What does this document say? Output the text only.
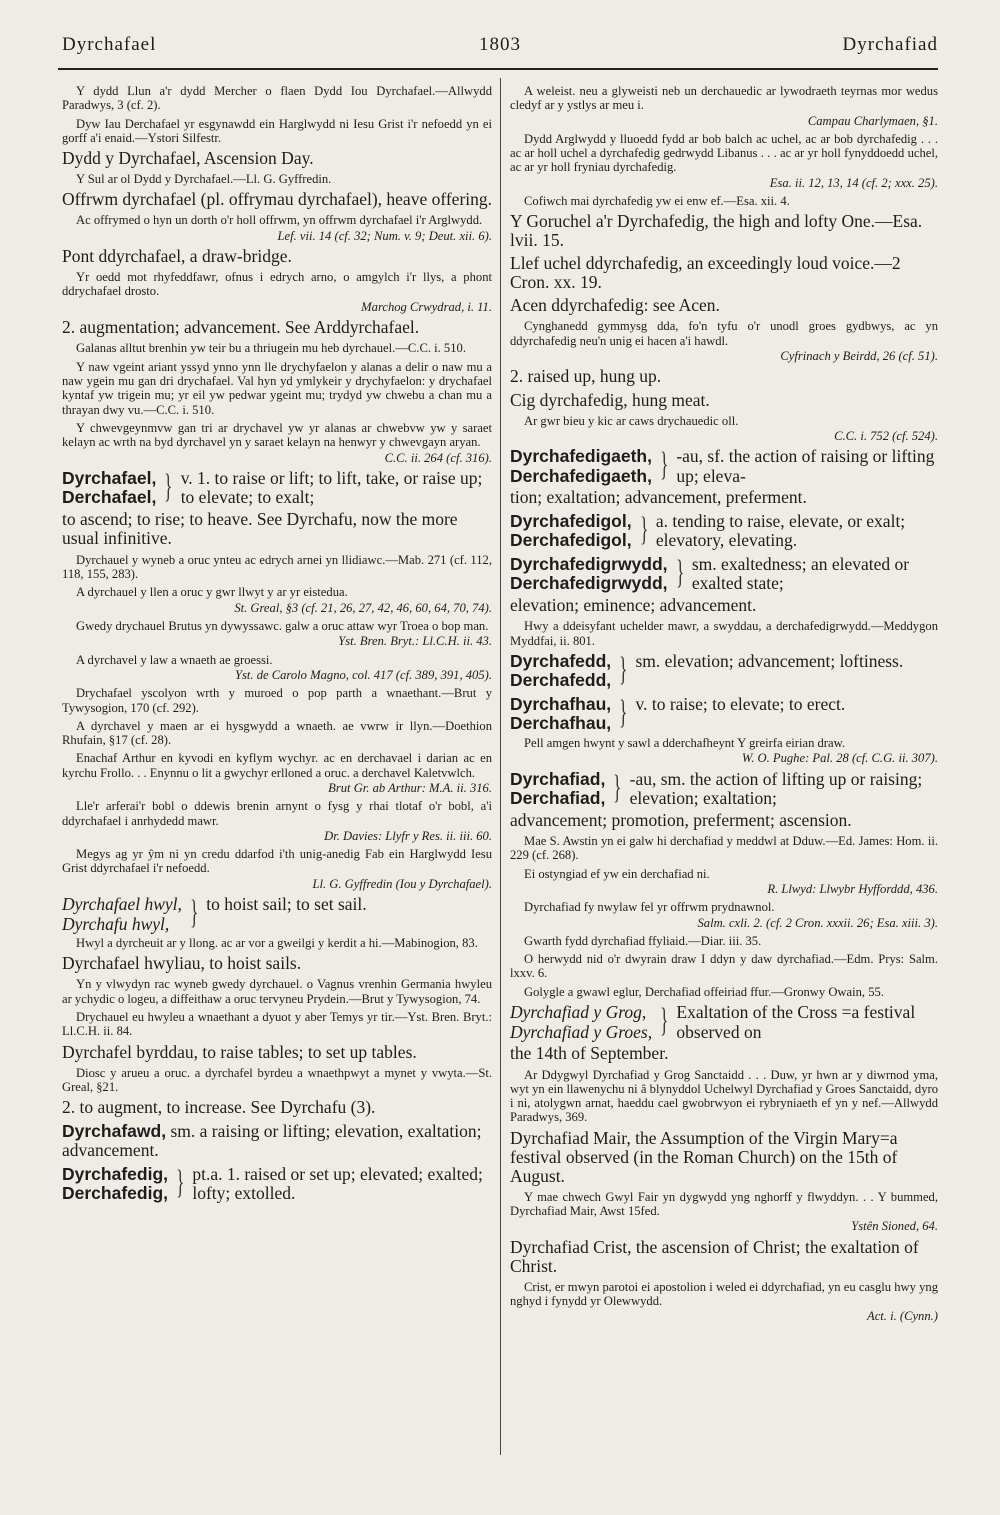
Dyrchafael	1803	Dyrchafiad

Y dydd Llun a'r dydd Mercher o flaen Dydd Iou Dyrchafael.—Allwydd Paradwys, 3 (cf. 2).

Dyw Iau Derchafael yr esgynawdd ein Harglwydd ni Iesu Grist i'r nefoedd yn ei gorff a'i enaid.—Ystori Silfestr.

Dydd y Dyrchafael, Ascension Day.

Y Sul ar ol Dydd y Dyrchafael.—Ll. G. Gyffredin.

Offrwm dyrchafael (pl. offrymau dyrchafael), heave offering.

Ac offrymed o hyn un dorth o'r holl offrwm, yn offrwm dyrchafael i'r Arglwydd.

Lef. vii. 14 (cf. 32; Num. v. 9; Deut. xii. 6).

Pont ddyrchafael, a draw-bridge.

Yr oedd mot rhyfeddfawr, ofnus i edrych arno, o amgylch i'r llys, a phont ddrychafael drosto.

Marchog Crwydrad, i. 11.

2. augmentation; advancement. See Arddyrchafael.

Galanas alltut brenhin yw teir bu a thriugein mu heb dyrchauel.—C.C. i. 510.

Y naw vgeint ariant yssyd ynno ynn lle drychyfaelon y alanas a delir o naw mu a naw ygein mu gan dri drychafael. Val hyn yd ymlykeir y drychyfaelon: y drychafael kyntaf yw trigein mu; yr eil yw pedwar ygeint mu; trydyd yw chwebu a chan mu a thrayan dwy vu.—C.C. i. 510.

Y chwevgeynmvw gan tri ar drychavel yw yr alanas ar chwebvw yw y saraet kelayn ac wrth na byd dyrchavel yn y saraet kelayn na henwyr y chwevgayn aryan.

C.C. ii. 264 (cf. 316).

Dyrchafael,
Derchafael, } v. 1. to raise or lift; to lift, take, or raise up; to elevate; to exalt;

to ascend; to rise; to heave. See Dyrchafu, now the more usual infinitive.

Dyrchauel y wyneb a oruc ynteu ac edrych arnei yn llidiawc.—Mab. 271 (cf. 112, 118, 155, 283).

A dyrchauel y llen a oruc y gwr llwyt y ar yr eistedua.

St. Greal, §3 (cf. 21, 26, 27, 42, 46, 60, 64, 70, 74).

Gwedy drychauel Brutus yn dywyssawc. galw a oruc attaw wyr Troea o bop man.

Yst. Bren. Bryt.: Ll.C.H. ii. 43.

A dyrchavel y law a wnaeth ae groessi.

Yst. de Carolo Magno, col. 417 (cf. 389, 391, 405).

Drychafael yscolyon wrth y muroed o pop parth a wnaethant.—Brut y Tywysogion, 170 (cf. 292).

A dyrchavel y maen ar ei hysgwydd a wnaeth. ae vwrw ir llyn.—Doethion Rhufain, §17 (cf. 28).

Enachaf Arthur en kyvodi en kyflym wychyr. ac en derchavael i darian ac en kyrchu Frollo. . . Enynnu o lit a gwychyr erlloned a oruc. a derchavel Kaletvwlch.

Brut Gr. ab Arthur: M.A. ii. 316.

Lle'r arferai'r bobl o ddewis brenin arnynt o fysg y rhai tlotaf o'r bobl, a'i ddyrchafael i anrhydedd mawr.

Dr. Davies: Llyfr y Res. ii. iii. 60.

Megys ag yr ŷm ni yn credu ddarfod i'th unig-anedig Fab ein Harglwydd Iesu Grist ddyrchafael i'r nefoedd.

Ll. G. Gyffredin (Iou y Dyrchafael).

Dyrchafael hwyl,
Dyrchafu hwyl, } to hoist sail; to set sail.

Hwyl a dyrcheuit ar y llong. ac ar vor a gweilgi y kerdit a hi.—Mabinogion, 83.

Dyrchafael hwyliau, to hoist sails.

Yn y vlwydyn rac wyneb gwedy dyrchauel. o Vagnus vrenhin Germania hwyleu ar ychydic o logeu, a diffeithaw a oruc tervyneu Prydein.—Brut y Tywysogion, 74.

Drychauel eu hwyleu a wnaethant a dyuot y aber Temys yr tir.—Yst. Bren. Bryt.: Ll.C.H. ii. 84.

Dyrchafel byrddau, to raise tables; to set up tables.

Diosc y arueu a oruc. a dyrchafel byrdeu a wnaethpwyt a mynet y vwyta.—St. Greal, §21.

2. to augment, to increase. See Dyrchafu (3).

Dyrchafawd, sm. a raising or lifting; elevation, exaltation; advancement.

Dyrchafedig,
Derchafedig, } pt.a. 1. raised or set up; elevated; exalted; lofty; extolled.

A weleist. neu a glyweisti neb un derchauedic ar lywodraeth teyrnas mor wedus cledyf ar y ystlys ar meu i.

Campau Charlymaen, §1.

Dydd Arglwydd y lluoedd fydd ar bob balch ac uchel, ac ar bob dyrchafedig . . . ac ar holl uchel a dyrchafedig gedrwydd Libanus . . . ac ar yr holl fynyddoedd uchel, ac ar yr holl fryniau dyrchafedig.

Esa. ii. 12, 13, 14 (cf. 2; xxx. 25).

Cofiwch mai dyrchafedig yw ei enw ef.—Esa. xii. 4.

Y Goruchel a'r Dyrchafedig, the high and lofty One.—Esa. lvii. 15.

Llef uchel ddyrchafedig, an exceedingly loud voice.—2 Cron. xx. 19.

Acen ddyrchafedig: see Acen.

Cynghanedd gymmysg dda, fo'n tyfu o'r unodl groes gydbwys, ac yn ddyrchafedig neu'n unig ei hacen a'i hawdl.

Cyfrinach y Beirdd, 26 (cf. 51).

2. raised up, hung up.

Cig dyrchafedig, hung meat.

Ar gwr bieu y kic ar caws drychauedic oll.

C.C. i. 752 (cf. 524).

Dyrchafedigaeth,
Derchafedigaeth, } -au, sf. the action of raising or lifting up; eleva-

tion; exaltation; advancement, preferment.

Dyrchafedigol,
Derchafedigol, } a. tending to raise, elevate, or exalt; elevatory, elevating.
Dyrchafedigrwydd,
Derchafedigrwydd, } sm. exaltedness; an elevated or exalted state;

elevation; eminence; advancement.

Hwy a ddeisyfant uchelder mawr, a swyddau, a derchafedigrwydd.—Meddygon Myddfai, ii. 801.

Dyrchafedd,
Derchafedd, } sm. elevation; advancement; loftiness.
Dyrchafhau,
Derchafhau, } v. to raise; to elevate; to erect.

Pell amgen hwynt y sawl a dderchafheynt Y greirfa eirian draw.

W. O. Pughe: Pal. 28 (cf. C.G. ii. 307).

Dyrchafiad,
Derchafiad, } -au, sm. the action of lifting up or raising; elevation; exaltation;

advancement; promotion, preferment; ascension.

Mae S. Awstin yn ei galw hi derchafiad y meddwl at Dduw.—Ed. James: Hom. ii. 229 (cf. 268).

Ei ostyngiad ef yw ein derchafiad ni.

R. Llwyd: Llwybr Hyfforddd, 436.

Dyrchafiad fy nwylaw fel yr offrwm prydnawnol.

Salm. cxli. 2. (cf. 2 Cron. xxxii. 26; Esa. xiii. 3).

Gwarth fydd dyrchafiad ffyliaid.—Diar. iii. 35.

O herwydd nid o'r dwyrain draw I ddyn y daw dyrchafiad.—Edm. Prys: Salm. lxxv. 6.

Golygle a gwawl eglur, Derchafiad offeiriad ffur.—Gronwy Owain, 55.

Dyrchafiad y Grog,
Dyrchafiad y Groes, } Exaltation of the Cross =a festival observed on

the 14th of September.

Ar Ddygwyl Dyrchafiad y Grog Sanctaidd . . . Duw, yr hwn ar y diwrnod yma, wyt yn ein llawenychu ni â blynyddol Uchelwyl Dyrchafiad y Groes Sanctaidd, dyro i ni, atolygwn arnat, haeddu cael gwobrwyon ei rybryniaeth ef yn y nef.—Allwydd Paradwys, 369.

Dyrchafiad Mair, the Assumption of the Virgin Mary=a festival observed (in the Roman Church) on the 15th of August.

Y mae chwech Gwyl Fair yn dygwydd yng nghorff y flwyddyn. . . Y bummed, Dyrchafiad Mair, Awst 15fed.

Ystên Sioned, 64.

Dyrchafiad Crist, the ascension of Christ; the exaltation of Christ.

Crist, er mwyn parotoi ei apostolion i weled ei ddyrchafiad, yn eu casglu hwy yng nghyd i fynydd yr Olewwydd.

Act. i. (Cynn.)
